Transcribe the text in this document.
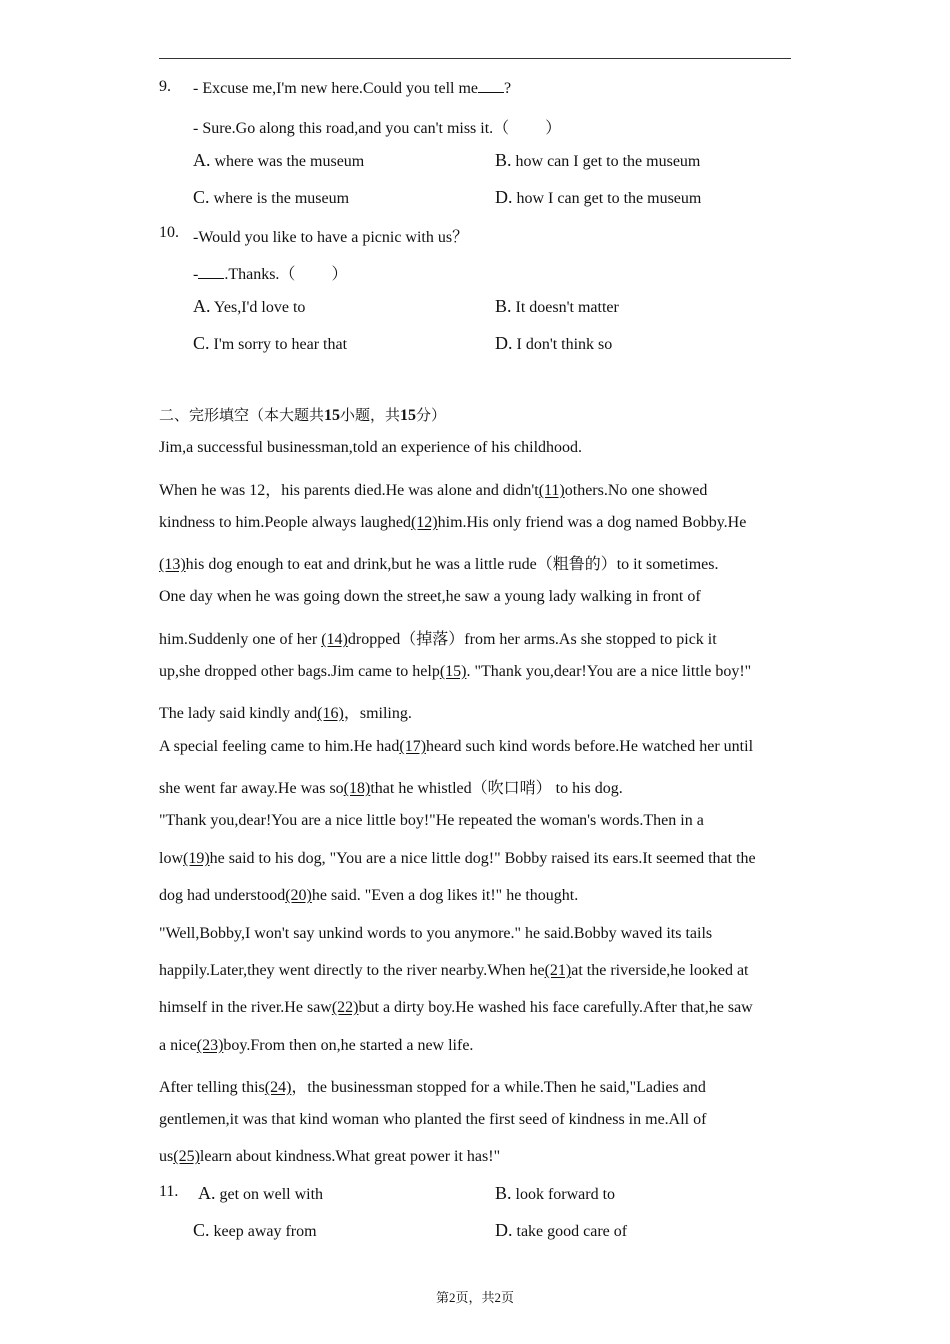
9. - Excuse me,I'm new here.Could you tell me ?
- Sure.Go along this road,and you can't miss it.（ ）
A. where was the museum	B. how can I get to the museum
C. where is the museum	D. how I can get to the museum
10. -Would you like to have a picnic with us？
- .Thanks.（ ）
A. Yes,I'd love to	B. It doesn't matter
C. I'm sorry to hear that	D. I don't think so
二、完形填空（本大题共15小题，共15分）
Jim,a successful businessman,told an experience of his childhood.
When he was 12，his parents died.He was alone and didn't(11)others.No one showed
kindness to him.People always laughed(12)him.His only friend was a dog named Bobby.He
(13)his dog enough to eat and drink,but he was a little rude（粗鲁的）to it sometimes.
One day when he was going down the street,he saw a young lady walking in front of
him.Suddenly one of her (14)dropped（掉落）from her arms.As she stopped to pick it
up,she dropped other bags.Jim came to help(15). "Thank you,dear!You are a nice little boy!"
The lady said kindly and(16)，smiling.
A special feeling came to him.He had(17)heard such kind words before.He watched her until
she went far away.He was so(18)that he whistled（吹口哨） to his dog.
"Thank you,dear!You are a nice little boy!"He repeated the woman's words.Then in a
low(19)he said to his dog, "You are a nice little dog!" Bobby raised its ears.It seemed that the
dog had understood(20)he said. "Even a dog likes it!" he thought.
"Well,Bobby,I won't say unkind words to you anymore." he said.Bobby waved its tails
happily.Later,they went directly to the river nearby.When he(21)at the riverside,he looked at
himself in the river.He saw(22)but a dirty boy.He washed his face carefully.After that,he saw
a nice(23)boy.From then on,he started a new life.
After telling this(24)，the businessman stopped for a while.Then he said,"Ladies and
gentlemen,it was that kind woman who planted the first seed of kindness in me.All of
us(25)learn about kindness.What great power it has!"
11. A. get on well with	B. look forward to
C. keep away from	D. take good care of
第2页，共2页
